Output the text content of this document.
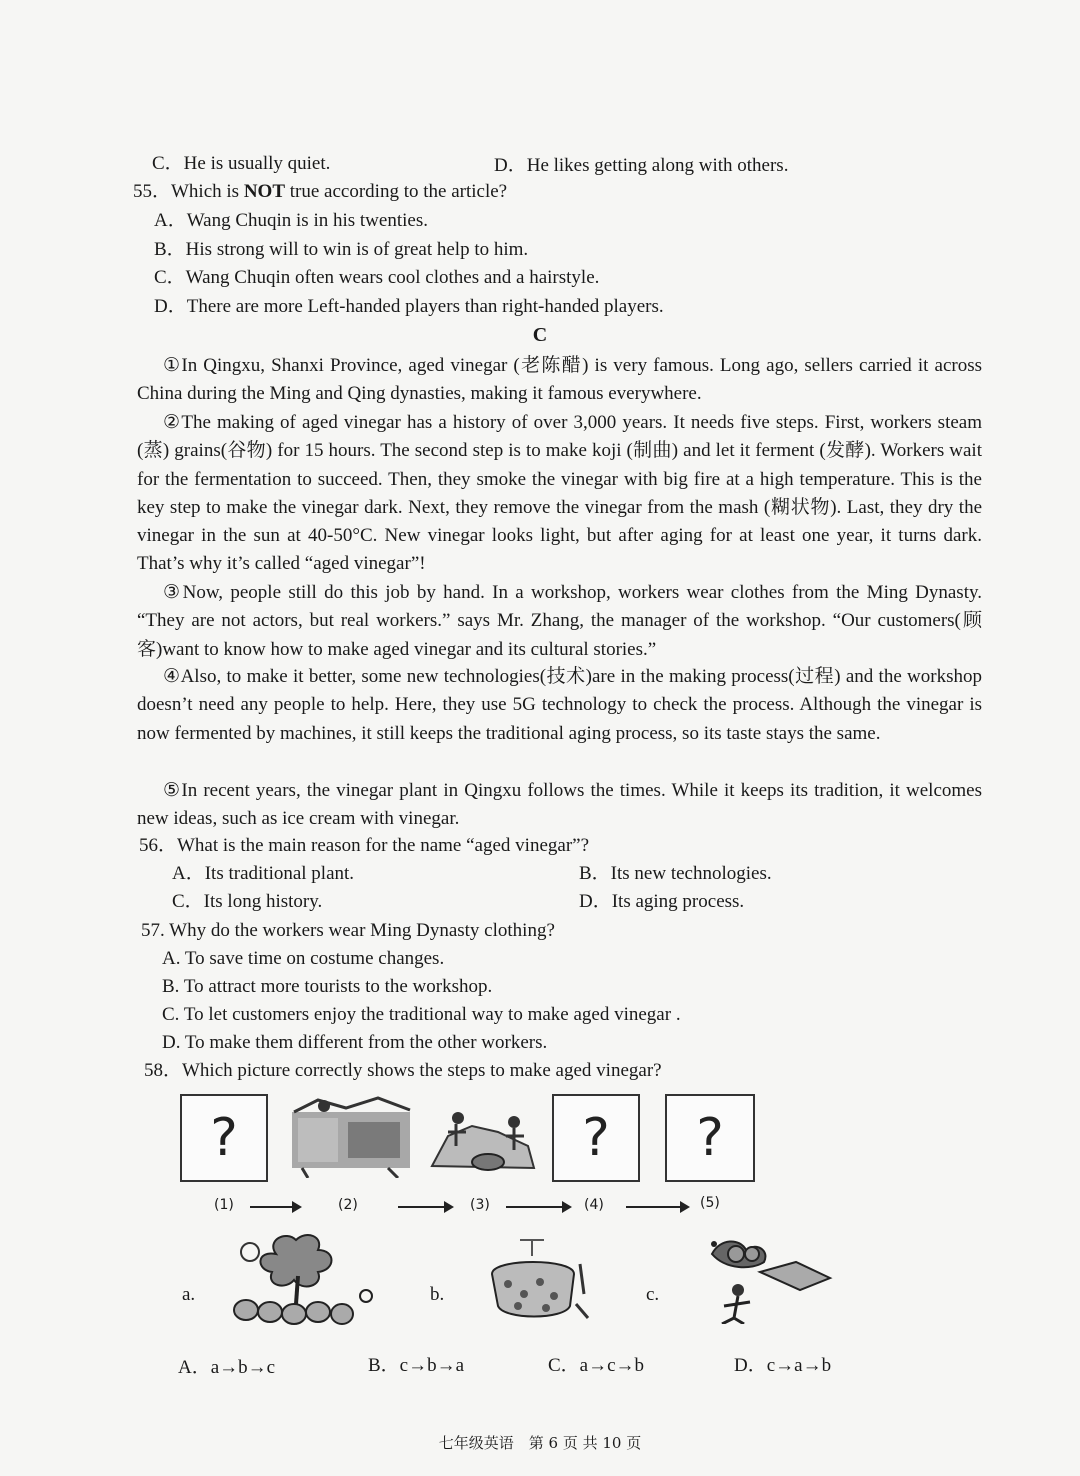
C．He is usually quiet.	D．He likes getting along with others.
55．Which is NOT true according to the article?
A．Wang Chuqin is in his twenties.
B．His strong will to win is of great help to him.
C．Wang Chuqin often wears cool clothes and a hairstyle.
D．There are more Left-handed players than right-handed players.
C
①In Qingxu, Shanxi Province, aged vinegar (老陈醋) is very famous. Long ago, sellers carried it across China during the Ming and Qing dynasties, making it famous everywhere.
②The making of aged vinegar has a history of over 3,000 years. It needs five steps. First, workers steam (蒸) grains(谷物) for 15 hours. The second step is to make koji (制曲) and let it ferment (发酵). Workers wait for the fermentation to succeed. Then, they smoke the vinegar with big fire at a high temperature. This is the key step to make the vinegar dark. Next, they remove the vinegar from the mash (糊状物). Last, they dry the vinegar in the sun at 40-50°C. New vinegar looks light, but after aging for at least one year, it turns dark. That’s why it’s called “aged vinegar”!
③Now, people still do this job by hand. In a workshop, workers wear clothes from the Ming Dynasty. “They are not actors, but real workers.” says Mr. Zhang, the manager of the workshop. “Our customers(顾客)want to know how to make aged vinegar and its cultural stories.”
④Also, to make it better, some new technologies(技术)are in the making process(过程) and the workshop doesn’t need any people to help. Here, they use 5G technology to check the process. Although the vinegar is now fermented by machines, it still keeps the traditional aging process, so its taste stays the same.
⑤In recent years, the vinegar plant in Qingxu follows the times. While it keeps its tradition, it welcomes new ideas, such as ice cream with vinegar.
56．What is the main reason for the name “aged vinegar”?
A．Its traditional plant.	B．Its new technologies.
C．Its long history.	D．Its aging process.
57. Why do the workers wear Ming Dynasty clothing?
A. To save time on costume changes.
B. To attract more tourists to the workshop.
C. To let customers enjoy the traditional way to make aged vinegar .
D. To make them different from the other workers.
58．Which picture correctly shows the steps to make aged vinegar?
?	? ?
(1)	(2)	(3)	(4)	(5)
a.	b.	c.
A．a→b→c	B．c→b→a	C．a→c→b	D．c→a→b
七年级英语　第 6 页 共 10 页
